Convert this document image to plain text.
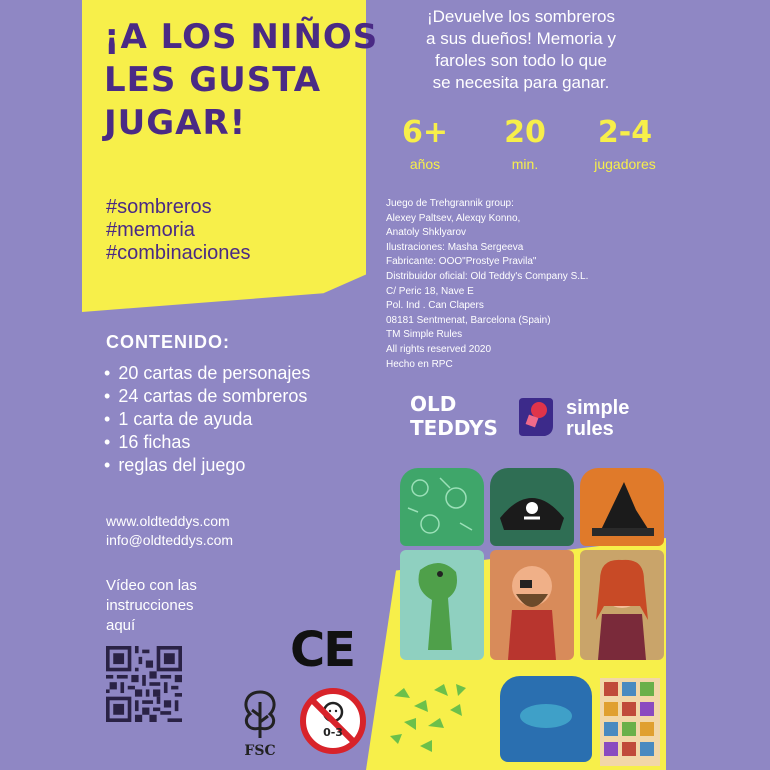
¡A LOS NIÑOS
LES GUSTA
JUGAR!
#sombreros
#memoria
#combinaciones
CONTENIDO:
• 20 cartas de personajes
• 24 cartas de sombreros
• 1 carta de ayuda
• 16 fichas
• reglas del juego
www.oldteddys.com
info@oldteddys.com
Vídeo con las
instrucciones
aquí	CE
FSC
0-3
¡Devuelve los sombreros
a sus dueños! Memoria y
faroles son todo lo que
se necesita para ganar.
6+
años
20
min.
2-4
jugadores
Juego de Trehgrannik group:
Alexey Paltsev, Alexqy Konno,
Anatoly Shklyarov
Ilustraciones: Masha Sergeeva
Fabricante: OOO"Prostye Pravila"
Distribuidor oficial: Old Teddy's Company S.L.
C/ Peric 18, Nave E
Pol. Ind . Can Clapers
08181 Sentmenat, Barcelona (Spain)
TM Simple Rules
All rights reserved 2020
Hecho en RPC
OLD
TEDDYS
simple
rules
